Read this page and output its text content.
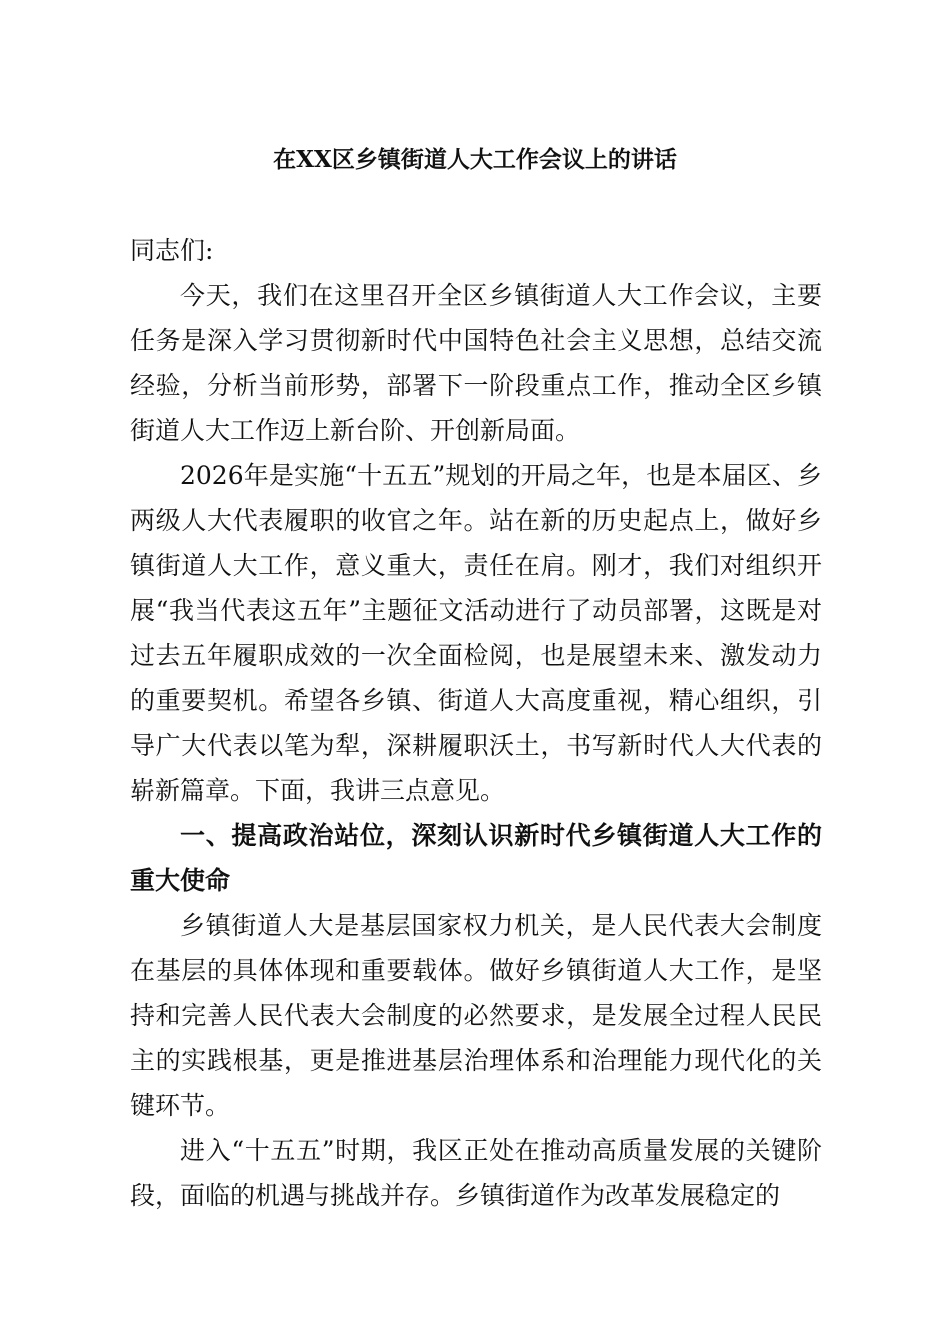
在XX区乡镇街道人大工作会议上的讲话

同志们:

今天，我们在这里召开全区乡镇街道人大工作会议，主要任务是深入学习贯彻新时代中国特色社会主义思想，总结交流经验，分析当前形势，部署下一阶段重点工作，推动全区乡镇街道人大工作迈上新台阶、开创新局面。

2026年是实施“十五五”规划的开局之年，也是本届区、乡两级人大代表履职的收官之年。站在新的历史起点上，做好乡镇街道人大工作，意义重大，责任在肩。刚才，我们对组织开展“我当代表这五年”主题征文活动进行了动员部署，这既是对过去五年履职成效的一次全面检阅，也是展望未来、激发动力的重要契机。希望各乡镇、街道人大高度重视，精心组织，引导广大代表以笔为犁，深耕履职沃土，书写新时代人大代表的崭新篇章。下面，我讲三点意见。

一、提高政治站位，深刻认识新时代乡镇街道人大工作的重大使命

乡镇街道人大是基层国家权力机关，是人民代表大会制度在基层的具体体现和重要载体。做好乡镇街道人大工作，是坚持和完善人民代表大会制度的必然要求，是发展全过程人民民主的实践根基，更是推进基层治理体系和治理能力现代化的关键环节。

进入“十五五”时期，我区正处在推动高质量发展的关键阶段，面临的机遇与挑战并存。乡镇街道作为改革发展稳定的
